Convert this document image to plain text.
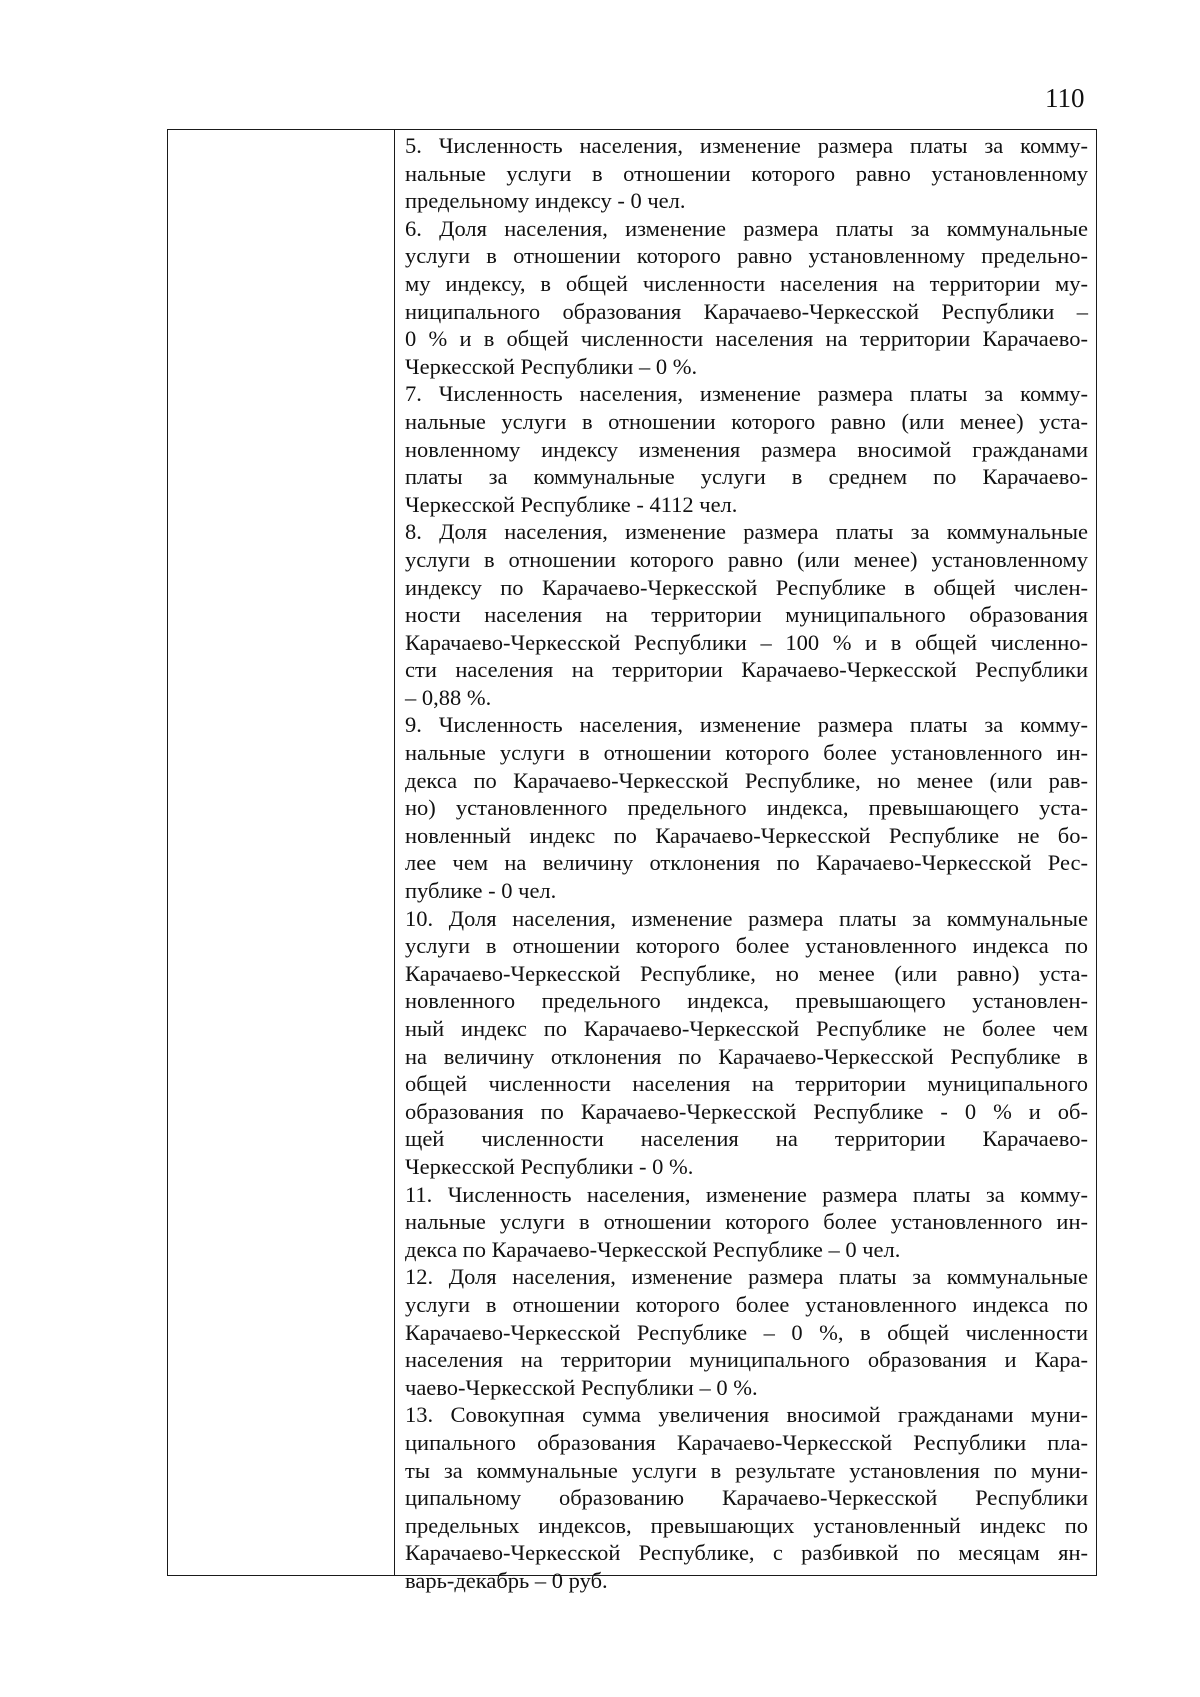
110

5. Численность населения, изменение размера платы за комму-
нальные услуги в отношении которого равно установленному
предельному индексу - 0 чел.

6. Доля населения, изменение размера платы за коммунальные
услуги в отношении которого равно установленному предельно-
му индексу, в общей численности населения на территории му-
ниципального образования Карачаево-Черкесской Республики –
0 % и в общей численности населения на территории Карачаево-
Черкесской Республики – 0 %.

7. Численность населения, изменение размера платы за комму-
нальные услуги в отношении которого равно (или менее) уста-
новленному индексу изменения размера вносимой гражданами
платы за коммунальные услуги в среднем по Карачаево-
Черкесской Республике - 4112 чел.

8. Доля населения, изменение размера платы за коммунальные
услуги в отношении которого равно (или менее) установленному
индексу по Карачаево-Черкесской Республике в общей числен-
ности населения на территории муниципального образования
Карачаево-Черкесской Республики – 100 % и в общей численно-
сти населения на территории Карачаево-Черкесской Республики
– 0,88 %.

9. Численность населения, изменение размера платы за комму-
нальные услуги в отношении которого более установленного ин-
декса по Карачаево-Черкесской Республике, но менее (или рав-
но) установленного предельного индекса, превышающего уста-
новленный индекс по Карачаево-Черкесской Республике не бо-
лее чем на величину отклонения по Карачаево-Черкесской Рес-
публике - 0 чел.

10. Доля населения, изменение размера платы за коммунальные
услуги в отношении которого более установленного индекса по
Карачаево-Черкесской Республике, но менее (или равно) уста-
новленного предельного индекса, превышающего установлен-
ный индекс по Карачаево-Черкесской Республике не более чем
на величину отклонения по Карачаево-Черкесской Республике в
общей численности населения на территории муниципального
образования по Карачаево-Черкесской Республике - 0 % и об-
щей численности населения на территории Карачаево-
Черкесской Республики - 0 %.

11. Численность населения, изменение размера платы за комму-
нальные услуги в отношении которого более установленного ин-
декса по Карачаево-Черкесской Республике – 0 чел.

12. Доля населения, изменение размера платы за коммунальные
услуги в отношении которого более установленного индекса по
Карачаево-Черкесской Республике – 0 %, в общей численности
населения на территории муниципального образования и Кара-
чаево-Черкесской Республики – 0 %.

13. Совокупная сумма увеличения вносимой гражданами муни-
ципального образования Карачаево-Черкесской Республики пла-
ты за коммунальные услуги в результате установления по муни-
ципальному образованию Карачаево-Черкесской Республики
предельных индексов, превышающих установленный индекс по
Карачаево-Черкесской Республике, с разбивкой по месяцам ян-
варь-декабрь – 0 руб.
